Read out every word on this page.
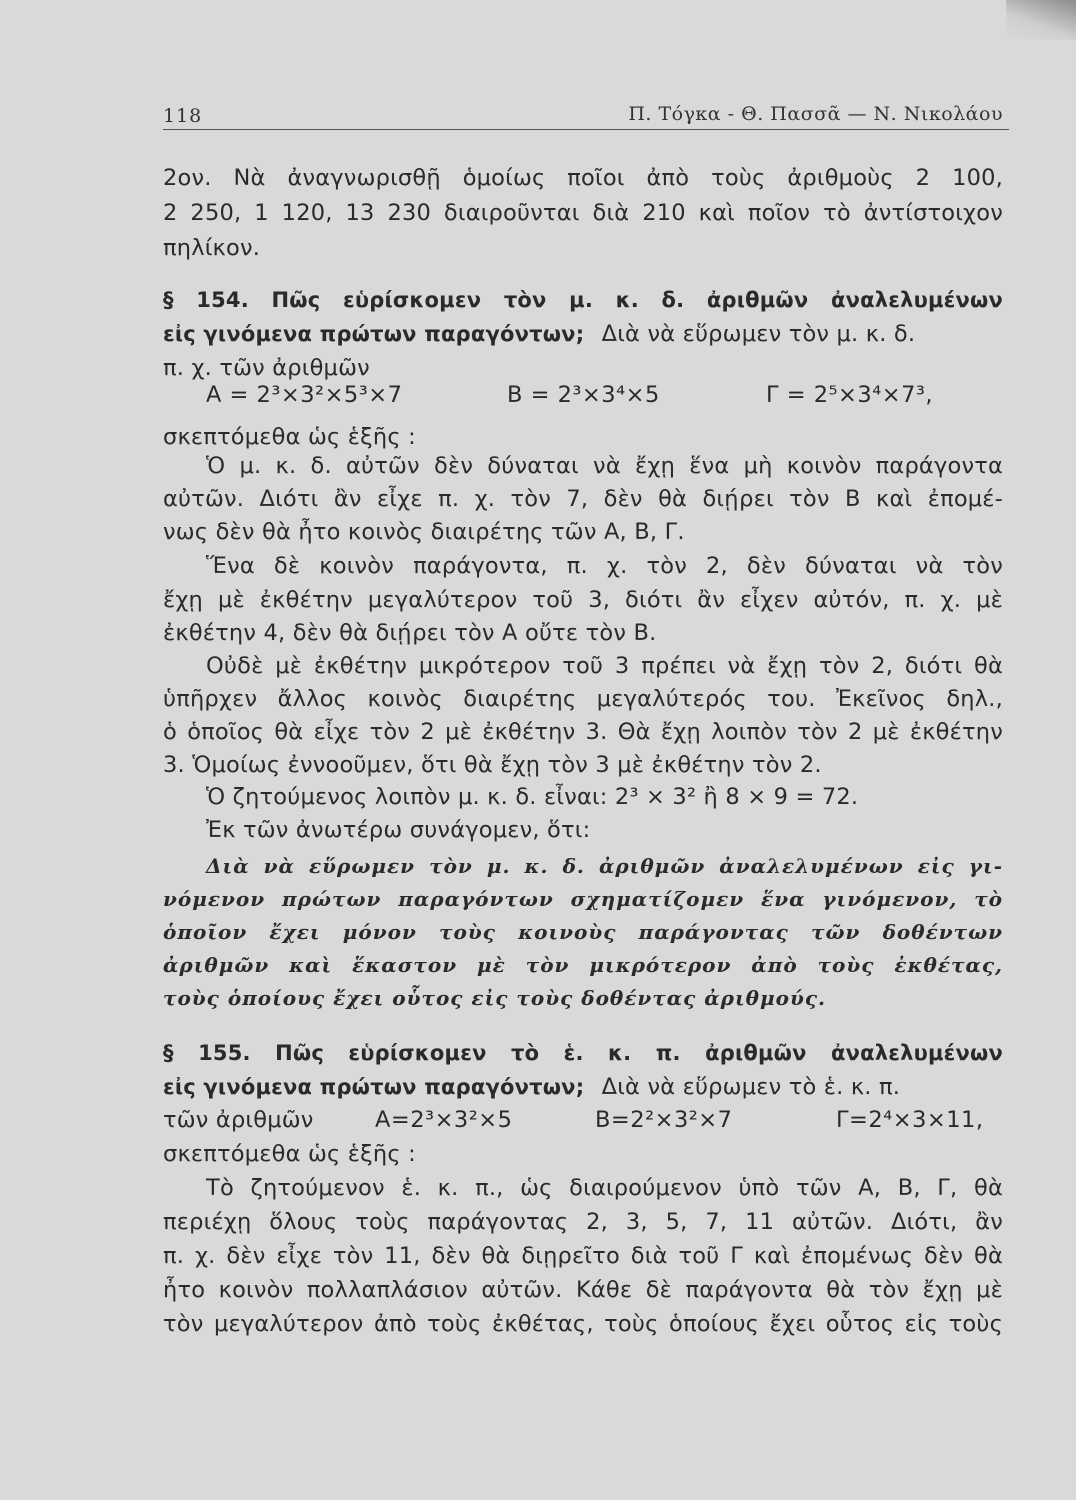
118	Π. Τόγκα - Θ. Πασσᾶ — Ν. Νικολάου
2ον. Νὰ ἀναγνωρισθῇ ὁμοίως ποῖοι ἀπὸ τοὺς ἀριθμοὺς 2 100,
2 250, 1 120, 13 230 διαιροῦνται διὰ 210 καὶ ποῖον τὸ ἀντίστοιχον
πηλίκον.
§ 154. Πῶς εὑρίσκομεν τὸν μ. κ. δ. ἀριθμῶν ἀναλελυμένων
εἰς γινόμενα πρώτων παραγόντων; Διὰ νὰ εὕρωμεν τὸν μ. κ. δ.
π. χ. τῶν ἀριθμῶν
Α = 2³×3²×5³×7	Β = 2³×3⁴×5	Γ = 2⁵×3⁴×7³,
σκεπτόμεθα ὡς ἑξῆς :
Ὁ μ. κ. δ. αὐτῶν δὲν δύναται νὰ ἔχῃ ἕνα μὴ κοινὸν παράγοντα
αὐτῶν. Διότι ἂν εἶχε π. χ. τὸν 7, δὲν θὰ διῄρει τὸν Β καὶ ἐπομέ-
νως δὲν θὰ ἦτο κοινὸς διαιρέτης τῶν Α, Β, Γ.
Ἕνα δὲ κοινὸν παράγοντα, π. χ. τὸν 2, δὲν δύναται νὰ τὸν
ἔχῃ μὲ ἐκθέτην μεγαλύτερον τοῦ 3, διότι ἂν εἶχεν αὐτόν, π. χ. μὲ
ἐκθέτην 4, δὲν θὰ διῄρει τὸν Α οὔτε τὸν Β.
Οὐδὲ μὲ ἐκθέτην μικρότερον τοῦ 3 πρέπει νὰ ἔχῃ τὸν 2, διότι θὰ
ὑπῆρχεν ἄλλος κοινὸς διαιρέτης μεγαλύτερός του. Ἐκεῖνος δηλ.,
ὁ ὁποῖος θὰ εἶχε τὸν 2 μὲ ἐκθέτην 3. Θὰ ἔχῃ λοιπὸν τὸν 2 μὲ ἐκθέτην
3. Ὁμοίως ἐννοοῦμεν, ὅτι θὰ ἔχῃ τὸν 3 μὲ ἐκθέτην τὸν 2.
Ὁ ζητούμενος λοιπὸν μ. κ. δ. εἶναι: 2³ × 3² ἢ 8 × 9 = 72.
Ἐκ τῶν ἀνωτέρω συνάγομεν, ὅτι:
Διὰ νὰ εὕρωμεν τὸν μ. κ. δ. ἀριθμῶν ἀναλελυμένων εἰς γι-
νόμενον πρώτων παραγόντων σχηματίζομεν ἕνα γινόμενον, τὸ
ὁποῖον ἔχει μόνον τοὺς κοινοὺς παράγοντας τῶν δοθέντων
ἀριθμῶν καὶ ἕκαστον μὲ τὸν μικρότερον ἀπὸ τοὺς ἐκθέτας,
τοὺς ὁποίους ἔχει οὗτος εἰς τοὺς δοθέντας ἀριθμούς.
§ 155. Πῶς εὑρίσκομεν τὸ ἑ. κ. π. ἀριθμῶν ἀναλελυμένων
εἰς γινόμενα πρώτων παραγόντων; Διὰ νὰ εὕρωμεν τὸ ἑ. κ. π.
τῶν ἀριθμῶν	Α=2³×3²×5	Β=2²×3²×7	Γ=2⁴×3×11,
σκεπτόμεθα ὡς ἑξῆς :
Τὸ ζητούμενον ἑ. κ. π., ὡς διαιρούμενον ὑπὸ τῶν Α, Β, Γ, θὰ
περιέχῃ ὅλους τοὺς παράγοντας 2, 3, 5, 7, 11 αὐτῶν. Διότι, ἂν
π. χ. δὲν εἶχε τὸν 11, δὲν θὰ διῃρεῖτο διὰ τοῦ Γ καὶ ἐπομένως δὲν θὰ
ἦτο κοινὸν πολλαπλάσιον αὐτῶν. Κάθε δὲ παράγοντα θὰ τὸν ἔχῃ μὲ
τὸν μεγαλύτερον ἀπὸ τοὺς ἐκθέτας, τοὺς ὁποίους ἔχει οὗτος εἰς τοὺς
